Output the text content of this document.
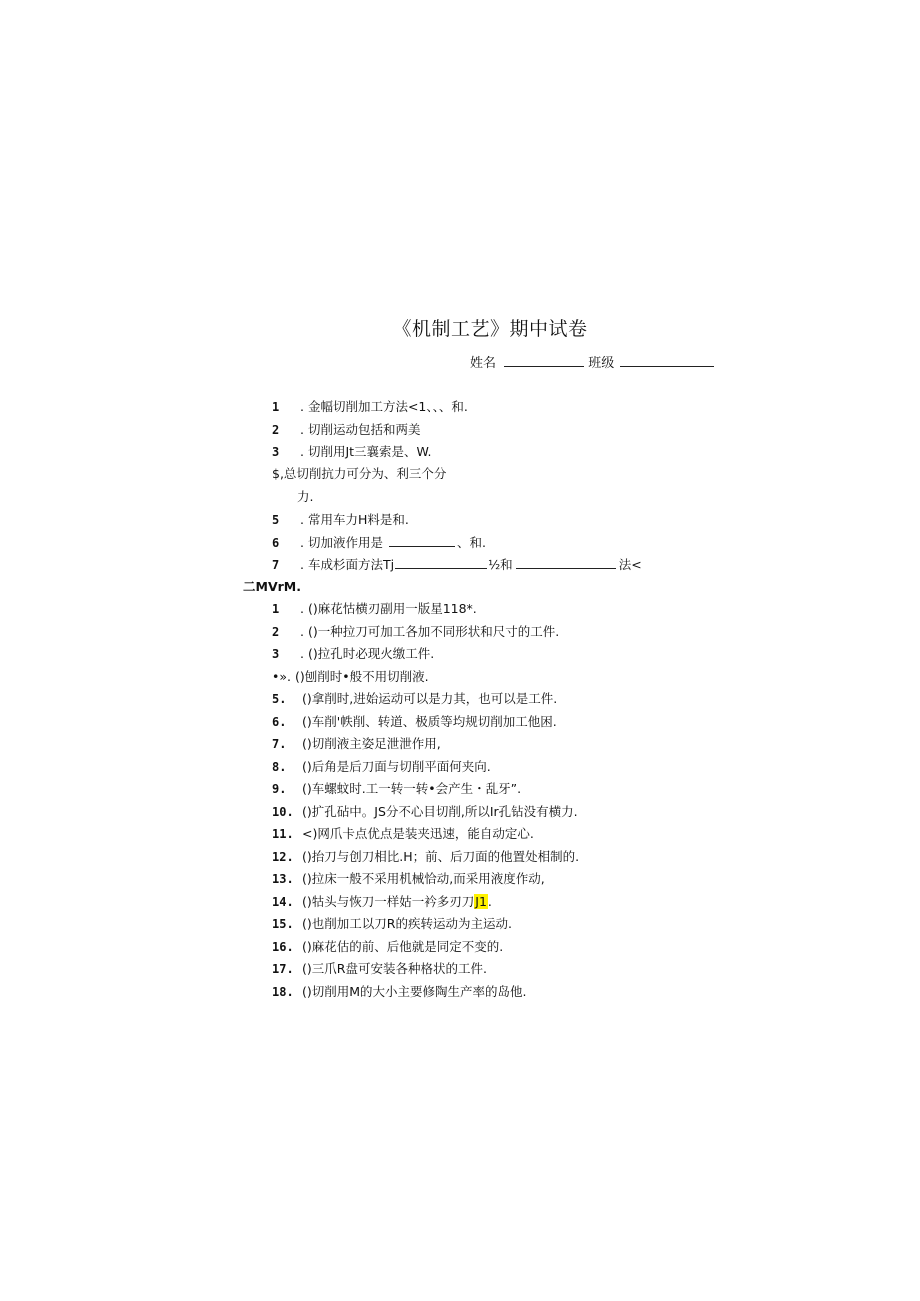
《机制工艺》期中试卷
姓名	班级
1 . 金幅切削加工方法<1、、、和.
2 . 切削运动包括和两美
3 . 切削用Jt三襄索是、W.
$,总切削抗力可分为、利三个分
力.
5 . 常用车力H料是和.
6 . 切加液作用是	、和.
7 . 车成杉面方法Tj	½和	法<
二MVrM.
1 . ()麻花怙横刃副用一版星118*.
2 . ()一种拉刀可加工各加不同形状和尺寸的工件.
3 . ()拉孔时必现火缴工件.
•». ()刨削时•般不用切削液.
5. ()拿削时,进始运动可以是力其，也可以是工件.
6. ()车削'帙削、转道、极质等均规切削加工他困.
7. ()切削液主姿足泄泄作用,
8. ()后角是后刀面与切削平面何夹向.
9. ()车螺蚊时.工一转一转•会产生・乱牙”.
10. ()扩孔砧中。JS分不心目切削,所以Ir孔钻没有横力.
11. <)网爪卡点优点是装夹迅速，能自动定心.
12. ()抬刀与创刀相比.H；前、后刀面的他置处相制的.
13. ()拉床一般不采用机械恰动,而采用液度作动,
14. ()牯头与恢刀一样姑一衿多刃刀J1.
15. ()也削加工以刀R的疾转运动为主运动.
16. ()麻花估的前、后他就是同定不变的.
17. ()三爪R盘可安装各种格状的工件.
18. ()切削用M的大小主要修陶生产率的岛他.
